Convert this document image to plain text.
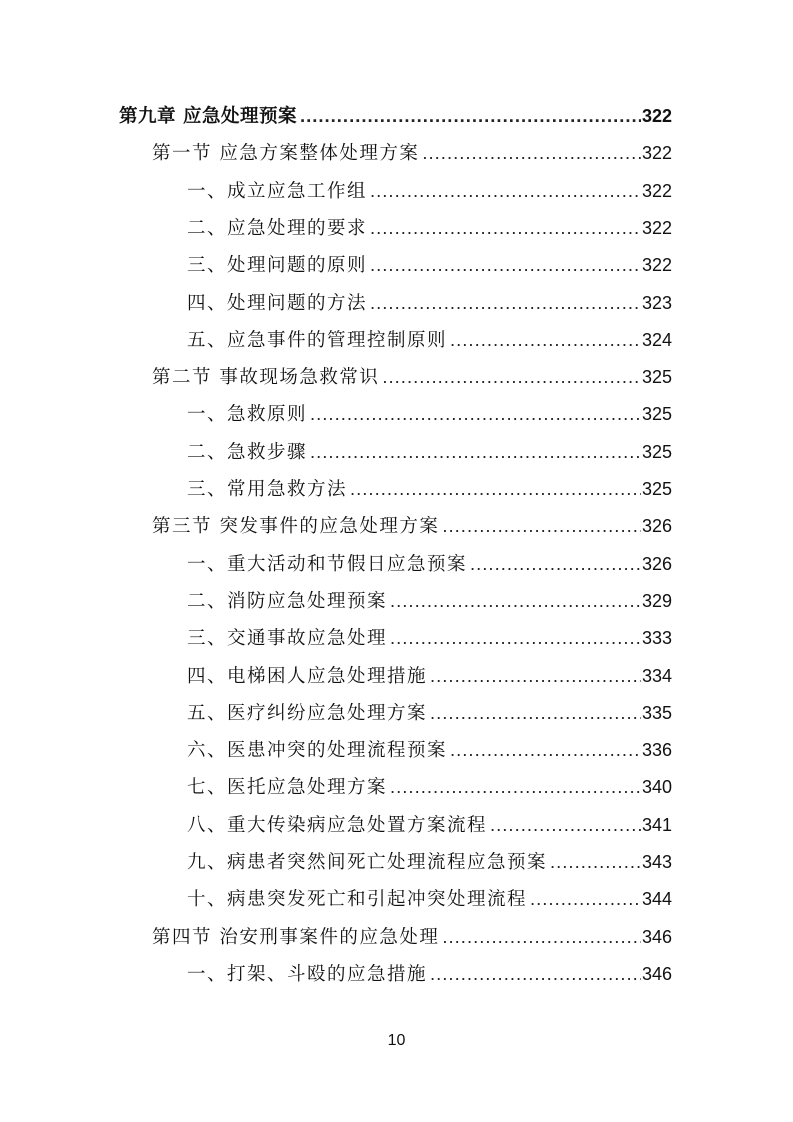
第九章 应急处理预案 .....	322
第一节 应急方案整体处理方案 .....	322
一、成立应急工作组 .....	322
二、应急处理的要求 .....	322
三、处理问题的原则 .....	322
四、处理问题的方法 .....	323
五、应急事件的管理控制原则 .....	324
第二节 事故现场急救常识 .....	325
一、急救原则 .....	325
二、急救步骤 .....	325
三、常用急救方法 .....	325
第三节 突发事件的应急处理方案 .....	326
一、重大活动和节假日应急预案 .....	326
二、消防应急处理预案 .....	329
三、交通事故应急处理 .....	333
四、电梯困人应急处理措施 .....	334
五、医疗纠纷应急处理方案 .....	335
六、医患冲突的处理流程预案 .....	336
七、医托应急处理方案 .....	340
八、重大传染病应急处置方案流程 .....	341
九、病患者突然间死亡处理流程应急预案 .....	343
十、病患突发死亡和引起冲突处理流程 .....	344
第四节 治安刑事案件的应急处理 .....	346
一、打架、斗殴的应急措施 .....	346
10
